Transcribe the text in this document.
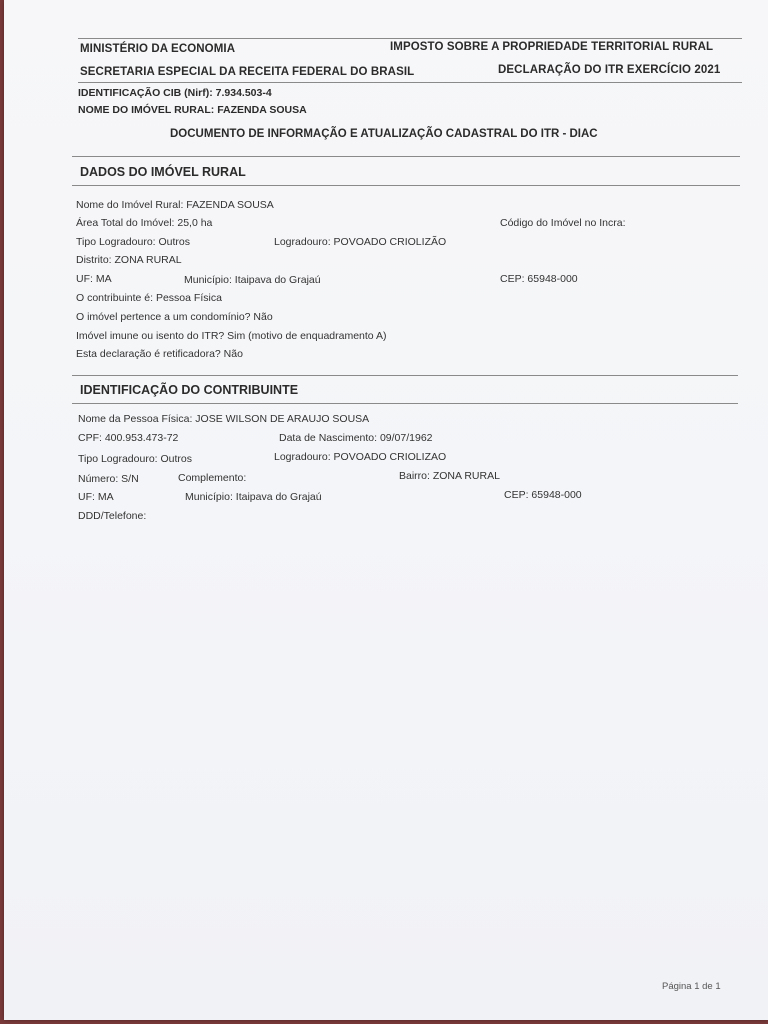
MINISTÉRIO DA ECONOMIA	IMPOSTO SOBRE A PROPRIEDADE TERRITORIAL RURAL
SECRETARIA ESPECIAL DA RECEITA FEDERAL DO BRASIL	DECLARAÇÃO DO ITR EXERCÍCIO 2021
IDENTIFICAÇÃO CIB (Nirf): 7.934.503-4
NOME DO IMÓVEL RURAL: FAZENDA SOUSA
DOCUMENTO DE INFORMAÇÃO E ATUALIZAÇÃO CADASTRAL DO ITR - DIAC
DADOS DO IMÓVEL RURAL
Nome do Imóvel Rural: FAZENDA SOUSA
Área Total do Imóvel: 25,0 ha	Código do Imóvel no Incra:
Tipo Logradouro: Outros	Logradouro: POVOADO CRIOLIZÃO
Distrito: ZONA RURAL
UF: MA	Município: Itaipava do Grajaú	CEP: 65948-000
O contribuinte é: Pessoa Física
O imóvel pertence a um condomínio? Não
Imóvel imune ou isento do ITR? Sim (motivo de enquadramento A)
Esta declaração é retificadora? Não
IDENTIFICAÇÃO DO CONTRIBUINTE
Nome da Pessoa Física: JOSE WILSON DE ARAUJO SOUSA
CPF: 400.953.473-72	Data de Nascimento: 09/07/1962
Tipo Logradouro: Outros	Logradouro: POVOADO CRIOLIZAO
Número: S/N	Complemento:	Bairro: ZONA RURAL
UF: MA	Município: Itaipava do Grajaú	CEP: 65948-000
DDD/Telefone:
Página 1 de 1
